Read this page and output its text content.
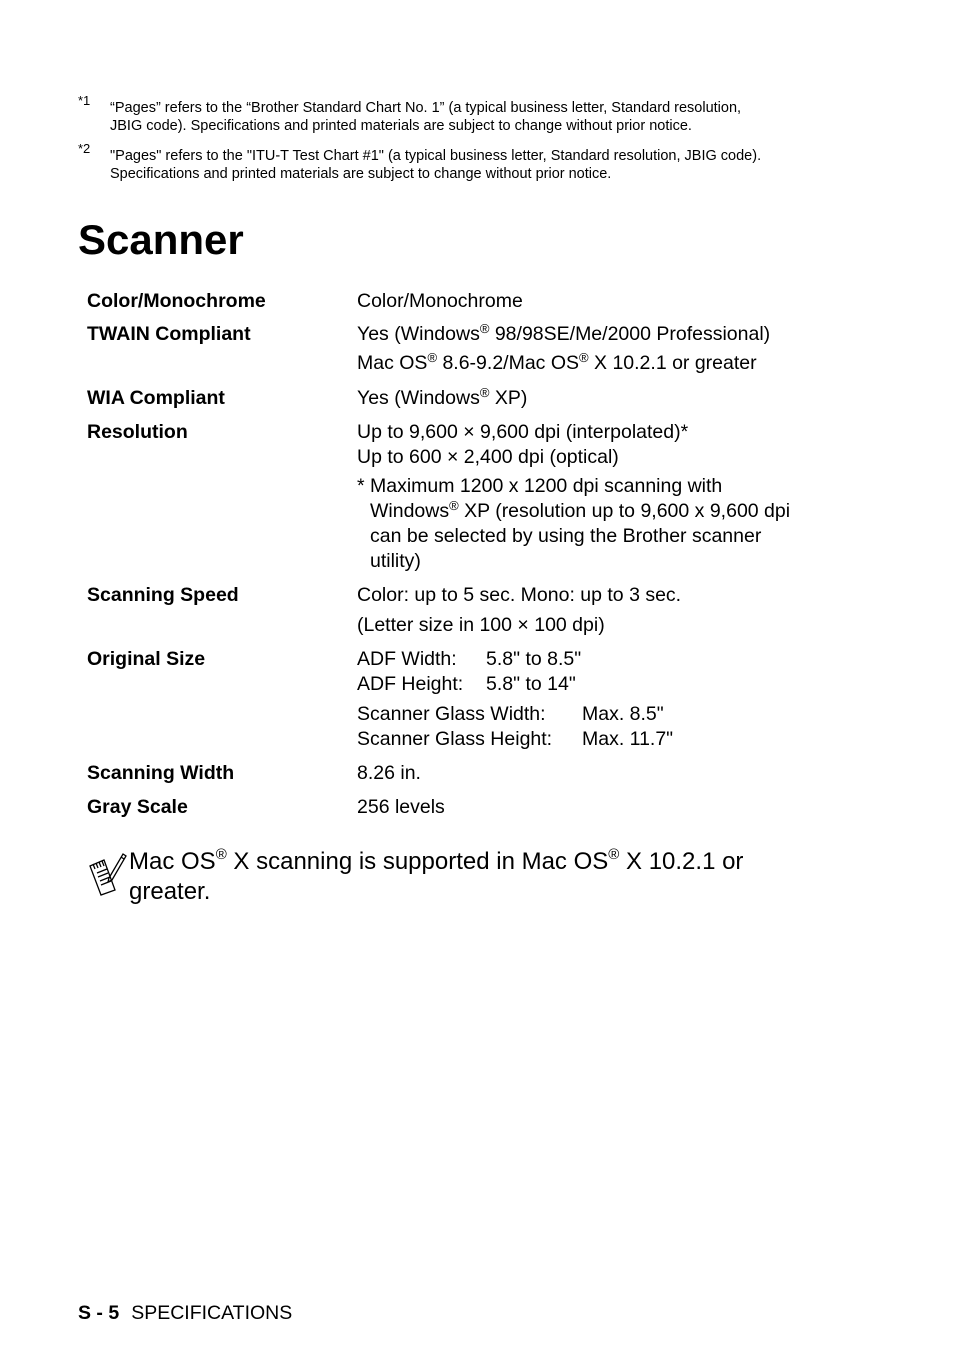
*1 “Pages” refers to the “Brother Standard Chart No. 1” (a typical business letter, Standard resolution,
JBIG code). Specifications and printed materials are subject to change without prior notice.
*2 "Pages" refers to the "ITU-T Test Chart #1" (a typical business letter, Standard resolution, JBIG code).
Specifications and printed materials are subject to change without prior notice.
Scanner
Color/Monochrome	Color/Monochrome
TWAIN Compliant	Yes (Windows® 98/98SE/Me/2000 Professional)
Mac OS® 8.6-9.2/Mac OS® X 10.2.1 or greater
WIA Compliant	Yes (Windows® XP)
Resolution	Up to 9,600 × 9,600 dpi (interpolated)*
Up to 600 × 2,400 dpi (optical)
* Maximum 1200 x 1200 dpi scanning with
Windows® XP (resolution up to 9,600 x 9,600 dpi
can be selected by using the Brother scanner
utility)
Scanning Speed	Color: up to 5 sec. Mono: up to 3 sec.
(Letter size in 100 × 100 dpi)
Original Size	ADF Width: 5.8" to 8.5"
ADF Height: 5.8" to 14"
Scanner Glass Width: Max. 8.5"
Scanner Glass Height: Max. 11.7"
Scanning Width	8.26 in.
Gray Scale	256 levels
Mac OS® X scanning is supported in Mac OS® X 10.2.1 or
greater.
S - 5 SPECIFICATIONS
